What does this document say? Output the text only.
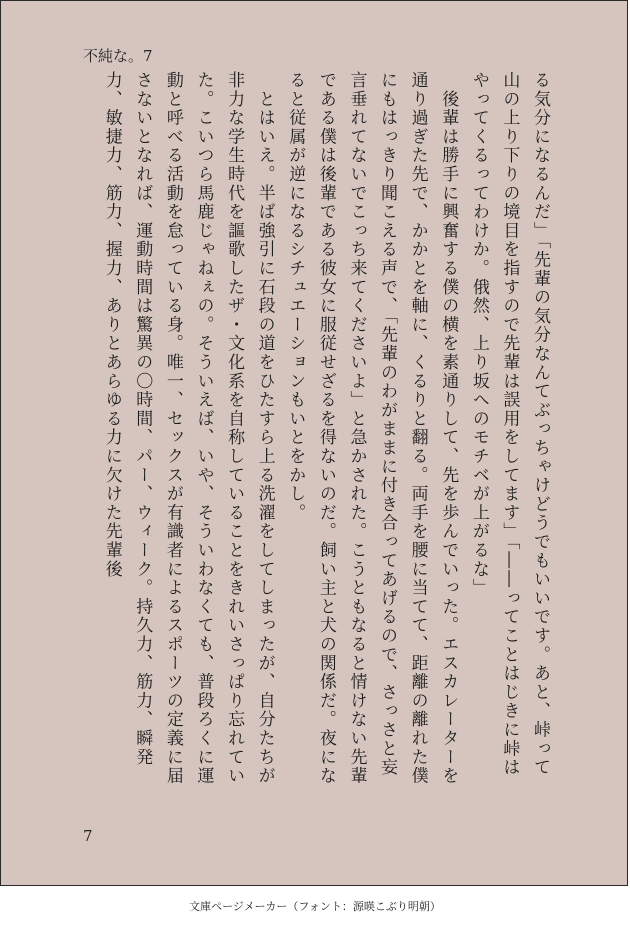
不純な。7

る気分になるんだ」「先輩の気分なんてぶっちゃけどうでもいいです。あと、峠って山の上り下りの境目を指すので先輩は誤用をしてます」「――ってことはじきに峠はやってくるってわけか。俄然、上り坂へのモチベが上がるな」

　後輩は勝手に興奮する僕の横を素通りして、先を歩んでいった。エスカレーターを通り過ぎた先で、かかとを軸に、くるりと翻る。両手を腰に当てて、距離の離れた僕にもはっきり聞こえる声で、「先輩のわがままに付き合ってあげるので、さっさと妄言垂れてないでこっち来てくださいよ」と急かされた。こうともなると情けない先輩である僕は後輩である彼女に服従せざるを得ないのだ。飼い主と犬の関係だ。夜になると従属が逆になるシチュエーションもいとをかし。

　とはいえ。半ば強引に石段の道をひたすら上る洗濯をしてしまったが、自分たちが非力な学生時代を謳歌したザ・文化系を自称していることをきれいさっぱり忘れていた。こいつら馬鹿じゃねぇの。そういえば、いや、そういわなくても、普段ろくに運動と呼べる活動を怠っている身。唯一、セックスが有識者によるスポーツの定義に届さないとなれば、運動時間は驚異の〇時間、パー、ウィーク。持久力、筋力、瞬発力、敏捷力、筋力、握力、ありとあらゆる力に欠けた先輩後

7
文庫ページメーカー（フォント：源暎こぶり明朝）
